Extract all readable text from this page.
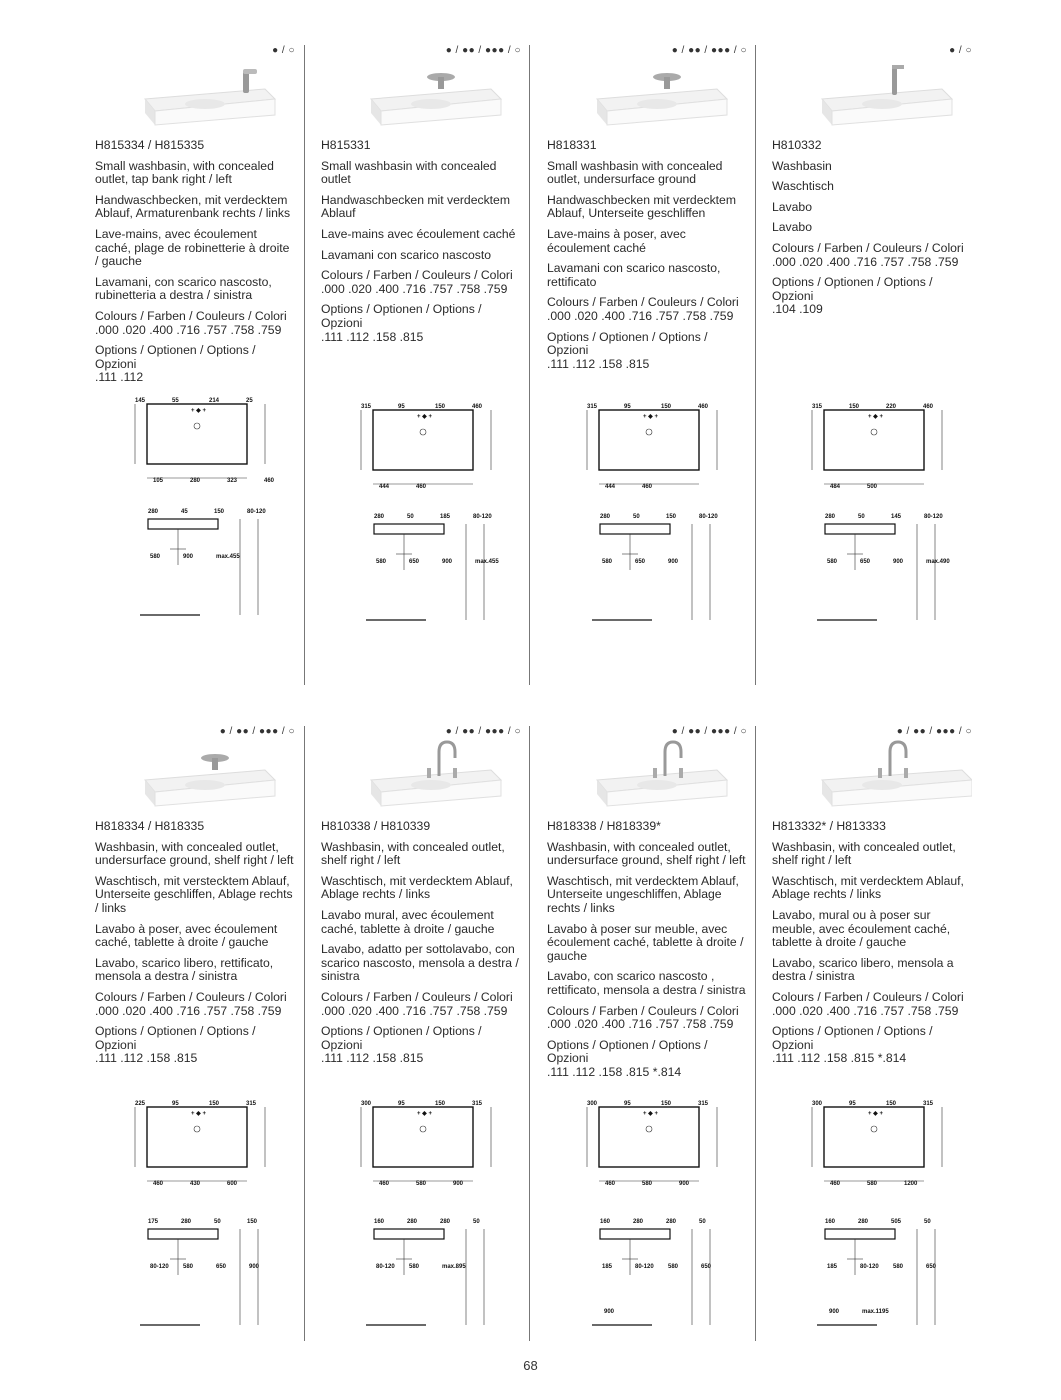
● / ○
H815334 / H815335

Small washbasin, with concealed outlet, tap bank right / left

Handwaschbecken, mit verdecktem Ablauf, Armaturenbank rechts / links

Lave-mains, avec écoulement caché, plage de robinetterie à droite / gauche

Lavamani, con scarico nascosto, rubinetteria a destra / sinistra

Colours / Farben / Couleurs / Colori
.000 .020 .400 .716 .757 .758 .759

Options / Optionen / Options / Opzioni
.111 .112

+ ◆ +
145	55	214	25
105	280	323	460
280	45	150	80-120
580	900	max.455
● / ●● / ●●● / ○
H815331

Small washbasin with concealed outlet

Handwaschbecken mit verdecktem Ablauf

Lave-mains avec écoulement caché

Lavamani con scarico nascosto

Colours / Farben / Couleurs / Colori
.000 .020 .400 .716 .757 .758 .759

Options / Optionen / Options / Opzioni
.111 .112 .158 .815

+ ◆ +
315	95	150	460
444	460
280	50	185	80-120
580	650	900	max.455
● / ●● / ●●● / ○
H818331

Small washbasin with concealed outlet, undersurface ground

Handwaschbecken mit verdecktem Ablauf, Unterseite geschliffen

Lave-mains à poser, avec écoulement caché

Lavamani con scarico nascosto, rettificato

Colours / Farben / Couleurs / Colori
.000 .020 .400 .716 .757 .758 .759

Options / Optionen / Options / Opzioni
.111 .112 .158 .815

+ ◆ +
315	95	150	460
444	460
280	50	150	80-120
580	650	900
● / ○
H810332

Washbasin

Waschtisch

Lavabo

Lavabo

Colours / Farben / Couleurs / Colori
.000 .020 .400 .716 .757 .758 .759

Options / Optionen / Options / Opzioni
.104 .109

+ ◆ +
315	150	220	460
484	500
280	50	145	80-120
580	650	900	max.490
● / ●● / ●●● / ○
H818334 / H818335

Washbasin, with concealed outlet, undersurface ground, shelf right / left

Waschtisch, mit verstecktem Ablauf, Unterseite geschliffen, Ablage rechts / links

Lavabo à poser, avec écoulement caché, tablette à droite / gauche

Lavabo, scarico libero, rettificato, mensola a destra / sinistra

Colours / Farben / Couleurs / Colori
.000 .020 .400 .716 .757 .758 .759

Options / Optionen / Options / Opzioni
.111 .112 .158 .815

+ ◆ +
225	95	150	315
460	430	600
175	280	50	150
80-120 580	650	900
● / ●● / ●●● / ○
H810338 / H810339

Washbasin, with concealed outlet, shelf right / left

Waschtisch, mit verdecktem Ablauf, Ablage rechts / links

Lavabo mural, avec écoulement caché, tablette à droite / gauche

Lavabo, adatto per sottolavabo, con scarico nascosto, mensola a destra / sinistra

Colours / Farben / Couleurs / Colori
.000 .020 .400 .716 .757 .758 .759

Options / Optionen / Options / Opzioni
.111 .112 .158 .815

+ ◆ +
300	95	150	315
460	580	900
160	280	280	50
80-120 580	max.895
● / ●● / ●●● / ○
H818338 / H818339*

Washbasin, with concealed outlet, undersurface ground, shelf right / left

Waschtisch, mit verdecktem Ablauf, Unterseite ungeschliffen, Ablage rechts / links

Lavabo à poser sur meuble, avec écoulement caché, tablette à droite / gauche

Lavabo, con scarico nascosto , rettificato, mensola a destra / sinistra

Colours / Farben / Couleurs / Colori
.000 .020 .400 .716 .757 .758 .759

Options / Optionen / Options / Opzioni
.111 .112 .158 .815 *.814

+ ◆ +
300	95	150	315
460	580	900
160	280	280	50
185	80-120 580	650
900
● / ●● / ●●● / ○
H813332* / H813333

Washbasin, with concealed outlet, shelf right / left

Waschtisch, mit verdecktem Ablauf, Ablage rechts / links

Lavabo, mural ou à poser sur meuble, avec écoulement caché, tablette à droite / gauche

Lavabo, scarico libero, mensola a destra / sinistra

Colours / Farben / Couleurs / Colori
.000 .020 .400 .716 .757 .758 .759

Options / Optionen / Options / Opzioni
.111 .112 .158 .815 *.814

+ ◆ +
300	95	150	315
460	580	1200
160	280	505	50
185	80-120 580	650
900	max.1195
68
